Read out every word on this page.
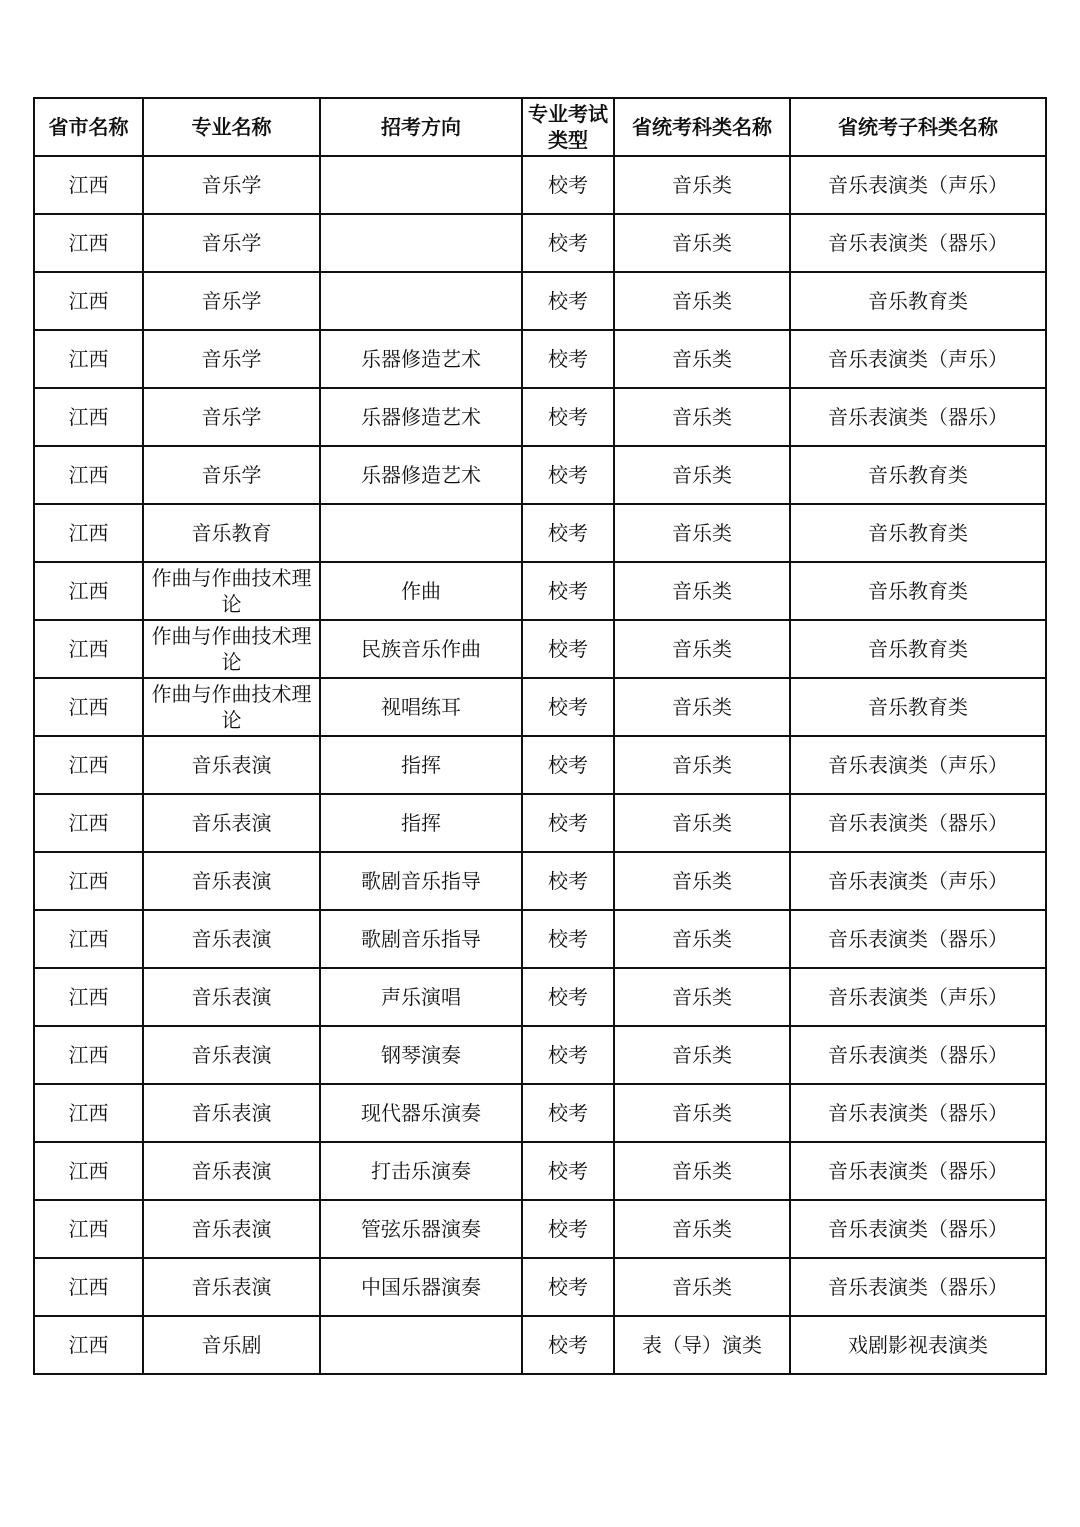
省市名称	专业名称	招考方向	专业考试类型	省统考科类名称	省统考子科类名称
江西	音乐学		校考	音乐类	音乐表演类（声乐）
江西	音乐学		校考	音乐类	音乐表演类（器乐）
江西	音乐学		校考	音乐类	音乐教育类
江西	音乐学	乐器修造艺术	校考	音乐类	音乐表演类（声乐）
江西	音乐学	乐器修造艺术	校考	音乐类	音乐表演类（器乐）
江西	音乐学	乐器修造艺术	校考	音乐类	音乐教育类
江西	音乐教育		校考	音乐类	音乐教育类
江西	作曲与作曲技术理论	作曲	校考	音乐类	音乐教育类
江西	作曲与作曲技术理论	民族音乐作曲	校考	音乐类	音乐教育类
江西	作曲与作曲技术理论	视唱练耳	校考	音乐类	音乐教育类
江西	音乐表演	指挥	校考	音乐类	音乐表演类（声乐）
江西	音乐表演	指挥	校考	音乐类	音乐表演类（器乐）
江西	音乐表演	歌剧音乐指导	校考	音乐类	音乐表演类（声乐）
江西	音乐表演	歌剧音乐指导	校考	音乐类	音乐表演类（器乐）
江西	音乐表演	声乐演唱	校考	音乐类	音乐表演类（声乐）
江西	音乐表演	钢琴演奏	校考	音乐类	音乐表演类（器乐）
江西	音乐表演	现代器乐演奏	校考	音乐类	音乐表演类（器乐）
江西	音乐表演	打击乐演奏	校考	音乐类	音乐表演类（器乐）
江西	音乐表演	管弦乐器演奏	校考	音乐类	音乐表演类（器乐）
江西	音乐表演	中国乐器演奏	校考	音乐类	音乐表演类（器乐）
江西	音乐剧		校考	表（导）演类	戏剧影视表演类
